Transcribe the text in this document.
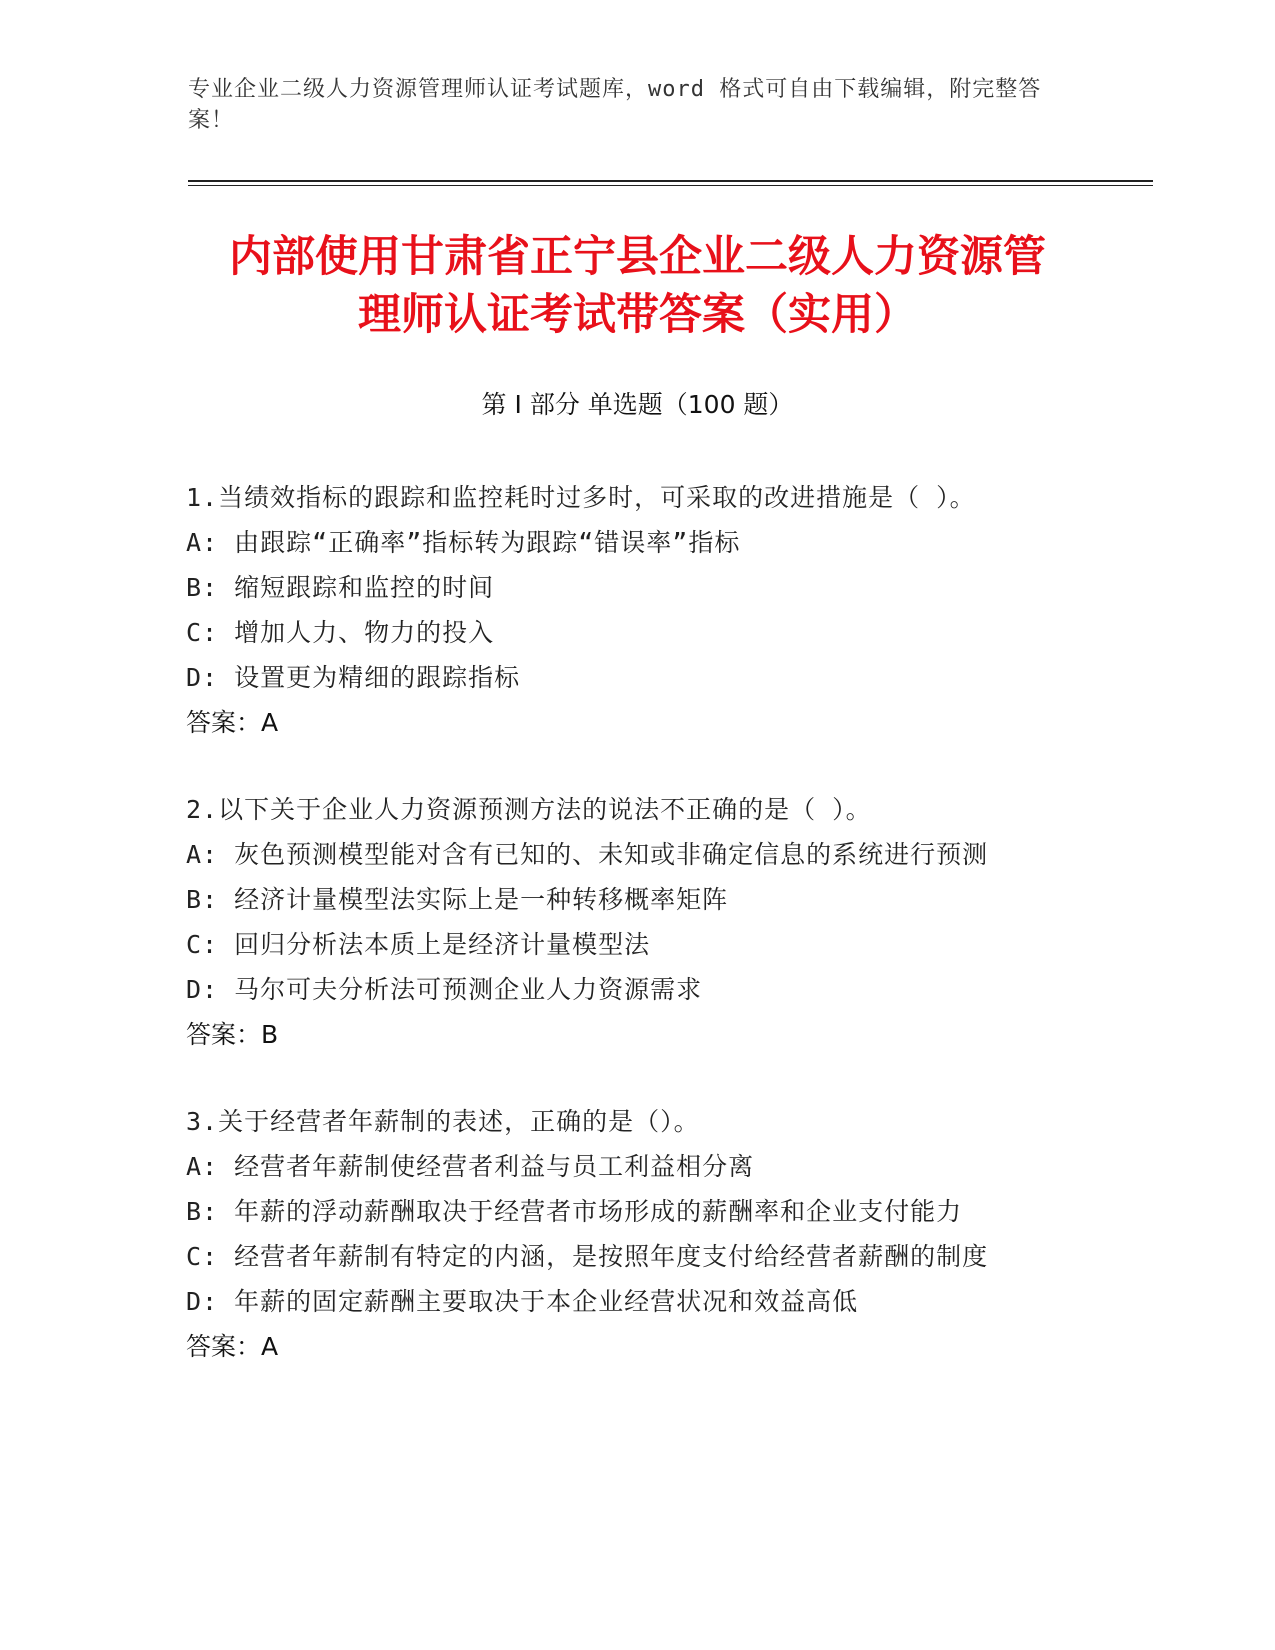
专业企业二级人力资源管理师认证考试题库，word 格式可自由下载编辑，附完整答案！
内部使用甘肃省正宁县企业二级人力资源管
理师认证考试带答案（实用）
第 I 部分 单选题（100 题）

1.当绩效指标的跟踪和监控耗时过多时，可采取的改进措施是（ ）。

A: 由跟踪“正确率”指标转为跟踪“错误率”指标

B: 缩短跟踪和监控的时间

C: 增加人力、物力的投入

D: 设置更为精细的跟踪指标

答案：A

2.以下关于企业人力资源预测方法的说法不正确的是（ ）。

A: 灰色预测模型能对含有已知的、未知或非确定信息的系统进行预测

B: 经济计量模型法实际上是一种转移概率矩阵

C: 回归分析法本质上是经济计量模型法

D: 马尔可夫分析法可预测企业人力资源需求

答案：B

3.关于经营者年薪制的表述，正确的是（）。

A: 经营者年薪制使经营者利益与员工利益相分离

B: 年薪的浮动薪酬取决于经营者市场形成的薪酬率和企业支付能力

C: 经营者年薪制有特定的内涵，是按照年度支付给经营者薪酬的制度

D: 年薪的固定薪酬主要取决于本企业经营状况和效益高低

答案：A
